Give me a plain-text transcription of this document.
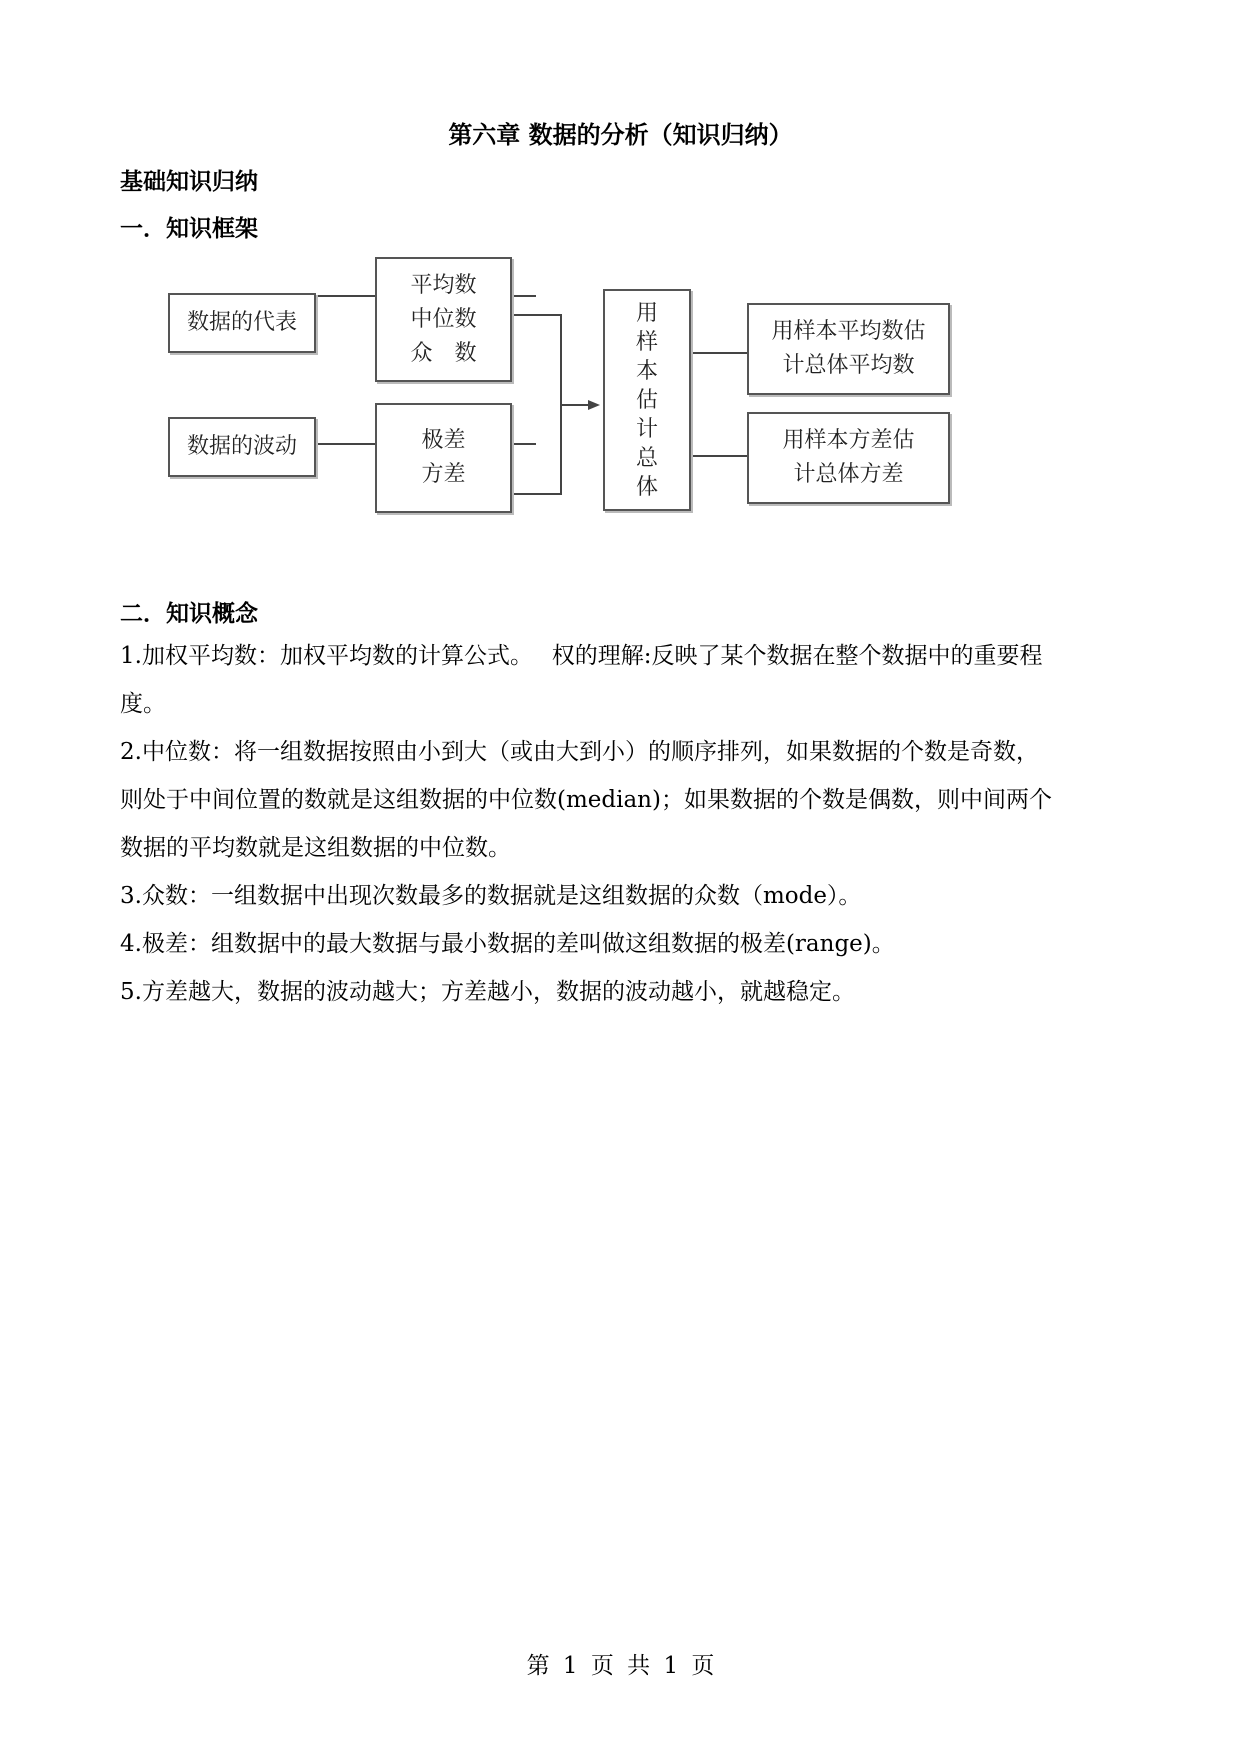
第六章 数据的分析（知识归纳）
基础知识归纳
一．知识框架
数据的代表
平均数
中位数
众　数
数据的波动	极差
方差
用
样
本
估
计
总
体
用样本平均数估
计总体平均数
用样本方差估
计总体方差
二．知识概念
1.加权平均数：加权平均数的计算公式。　 权的理解:反映了某个数据在整个数据中的重要程
度。
2.中位数：将一组数据按照由小到大（或由大到小）的顺序排列，如果数据的个数是奇数，
则处于中间位置的数就是这组数据的中位数(median)；如果数据的个数是偶数，则中间两个
数据的平均数就是这组数据的中位数。
3.众数：一组数据中出现次数最多的数据就是这组数据的众数（mode）。
4.极差：组数据中的最大数据与最小数据的差叫做这组数据的极差(range)。
5.方差越大，数据的波动越大；方差越小，数据的波动越小，就越稳定。
第 1 页 共 1 页
